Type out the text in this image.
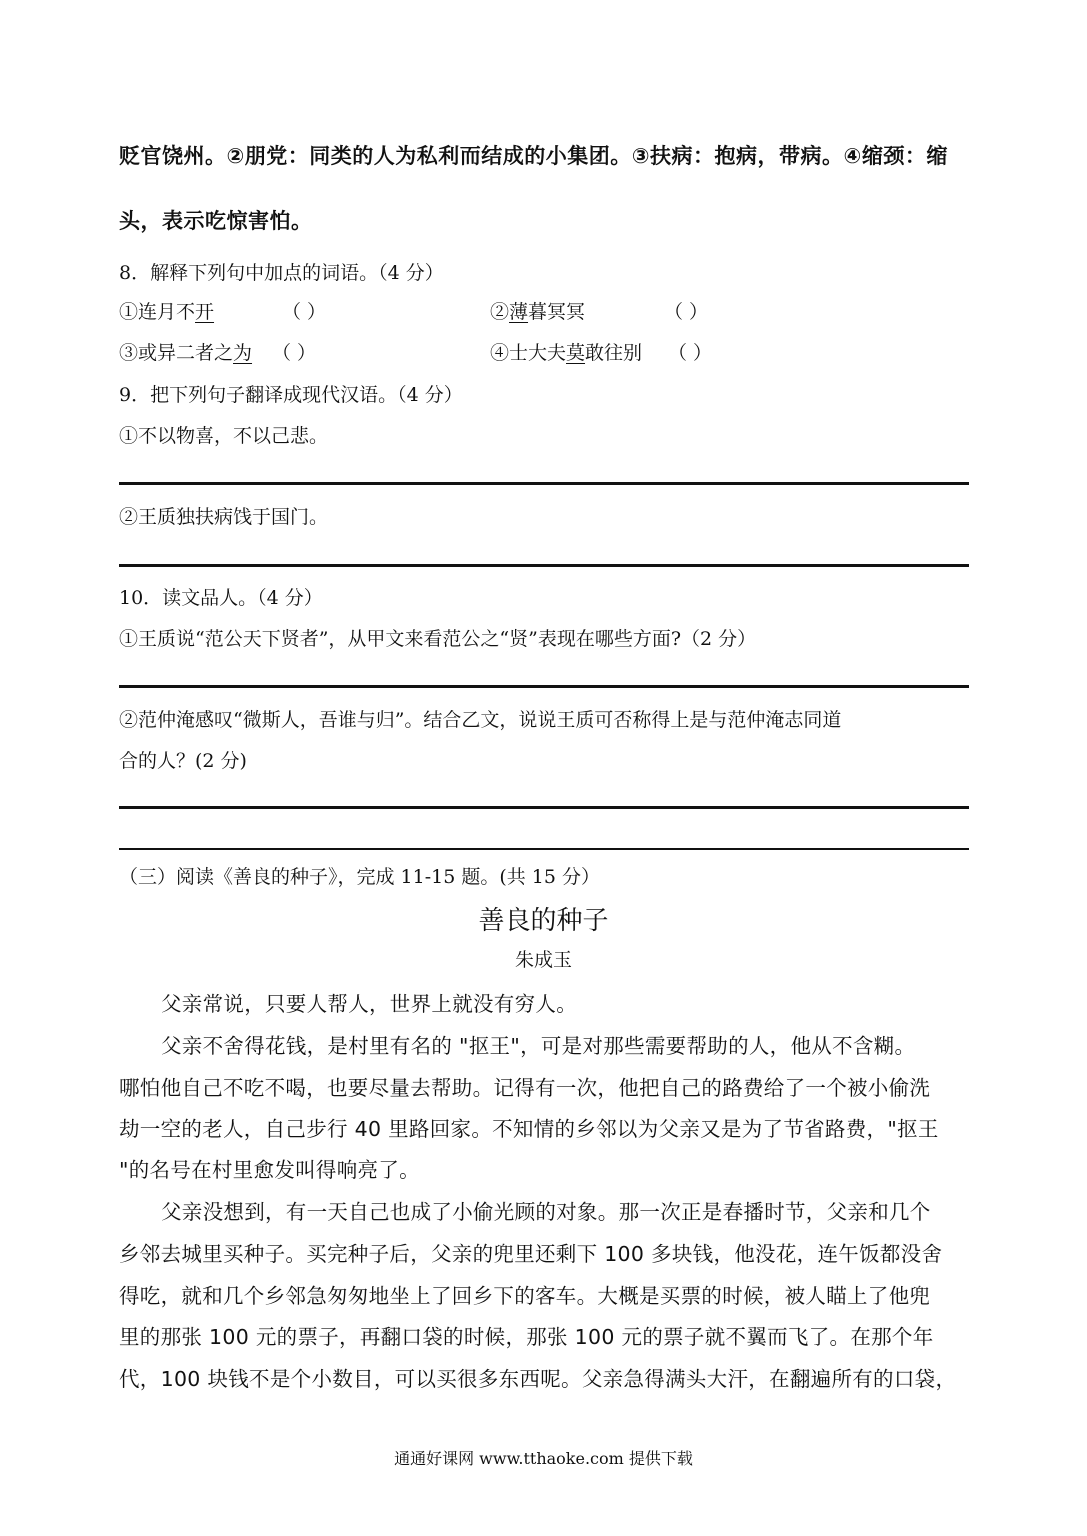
贬官饶州。②朋党：同类的人为私利而结成的小集团。③扶病：抱病，带病。④缩颈：缩
头，表示吃惊害怕。
8．解释下列句中加点的词语。（4 分）
①连月不开	（ ）	②薄暮冥冥	（ ）
③或异二者之为 （ ）	④士大夫莫敢往别 （ ）
9．把下列句子翻译成现代汉语。（4 分）
①不以物喜，不以己悲。
②王质独扶病饯于国门。
10．读文品人。（4 分）
①王质说“范公天下贤者”，从甲文来看范公之“贤”表现在哪些方面?（2 分）
②范仲淹感叹“微斯人，吾谁与归”。结合乙文，说说王质可否称得上是与范仲淹志同道
合的人？(2 分)
（三）阅读《善良的种子》，完成 11-15 题。(共 15 分）
善良的种子
朱成玉
父亲常说，只要人帮人，世界上就没有穷人。
父亲不舍得花钱，是村里有名的 "抠王"，可是对那些需要帮助的人，他从不含糊。
哪怕他自己不吃不喝，也要尽量去帮助。记得有一次，他把自己的路费给了一个被小偷洗
劫一空的老人，自己步行 40 里路回家。不知情的乡邻以为父亲又是为了节省路费，"抠王
"的名号在村里愈发叫得响亮了。
父亲没想到，有一天自己也成了小偷光顾的对象。那一次正是春播时节，父亲和几个
乡邻去城里买种子。买完种子后，父亲的兜里还剩下 100 多块钱，他没花，连午饭都没舍
得吃，就和几个乡邻急匆匆地坐上了回乡下的客车。大概是买票的时候，被人瞄上了他兜
里的那张 100 元的票子，再翻口袋的时候，那张 100 元的票子就不翼而飞了。在那个年
代，100 块钱不是个小数目，可以买很多东西呢。父亲急得满头大汗，在翻遍所有的口袋，
通通好课网 www.tthaoke.com 提供下载
